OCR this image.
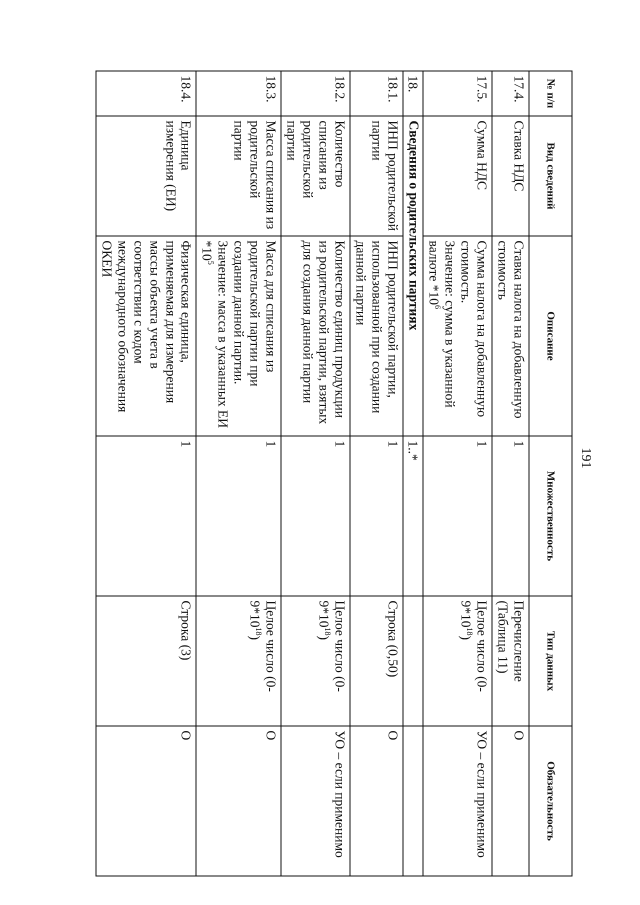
191
№ п/п	Вид сведений	Описание	Множественность	Тип данных	Обязательность
17.4.	Ставка НДС	Ставка налога на добавленную стоимость	1	Перечисление (Таблица 11)	О
17.5.	Сумма НДС	Сумма налога на добавленную стоимость.
Значение: сумма в указанной валюте $*10^6$	1	Целое число $(0-9*10^{18})$	УО – если применимо
18.	Сведения о родительских партиях		1..*		
18.1.	ИНП родительской партии	ИНП родительской партии, использованной при создании данной партии	1	Строка (0,50)	О
18.2.	Количество списания из родительской партии	Количество единиц продукции из родительской партии, взятых для создания данной партии	1	Целое число $(0-9*10^{18})$	УО – если применимо
18.3.	Масса списания из родительской партии	Масса для списания из родительской партии при создании данной партии.
Значение: масса в указанных ЕИ $*10^5$	1	Целое число $(0-9*10^{18})$	О
18.4.	Единица измерения (ЕИ)	Физическая единица, применяемая для измерения массы объекта учета в соответствии с кодом международного обозначения ОКЕИ	1	Строка (3)	О
